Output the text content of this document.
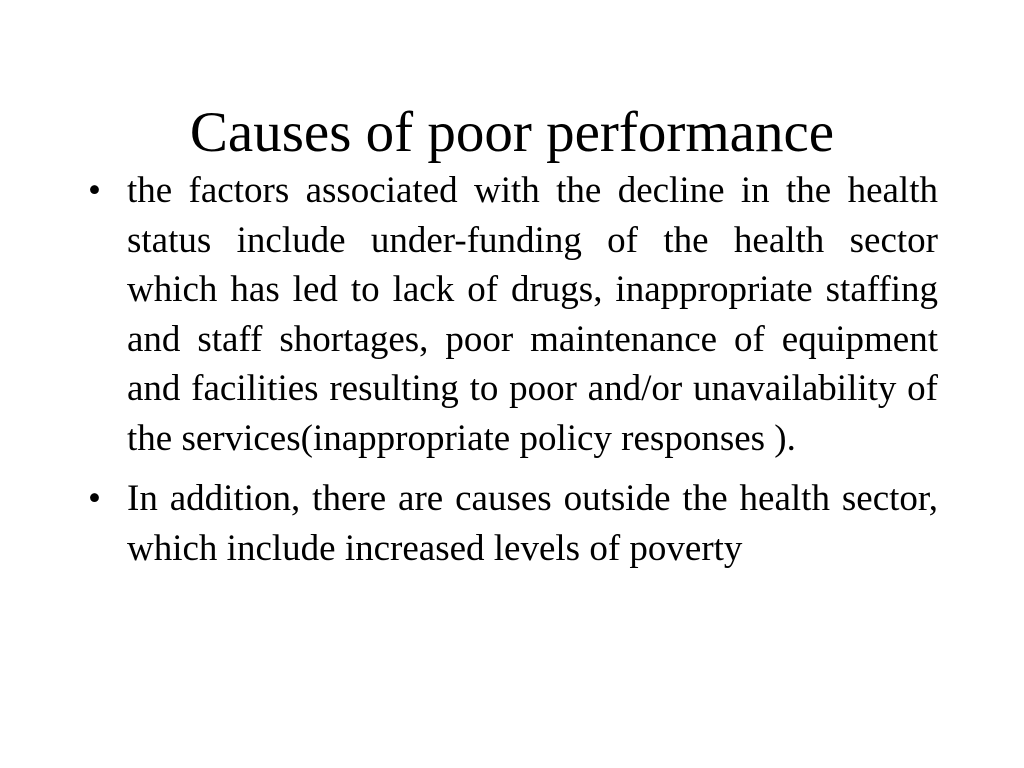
Causes of poor performance
• the factors associated with the decline in the health status include under-funding of the health sector which has led to lack of drugs, inappropriate staffing and staff shortages, poor maintenance of equipment and facilities resulting to poor and/or unavailability of the services(inappropriate policy responses ).
• In addition, there are causes outside the health sector, which include increased levels of poverty
